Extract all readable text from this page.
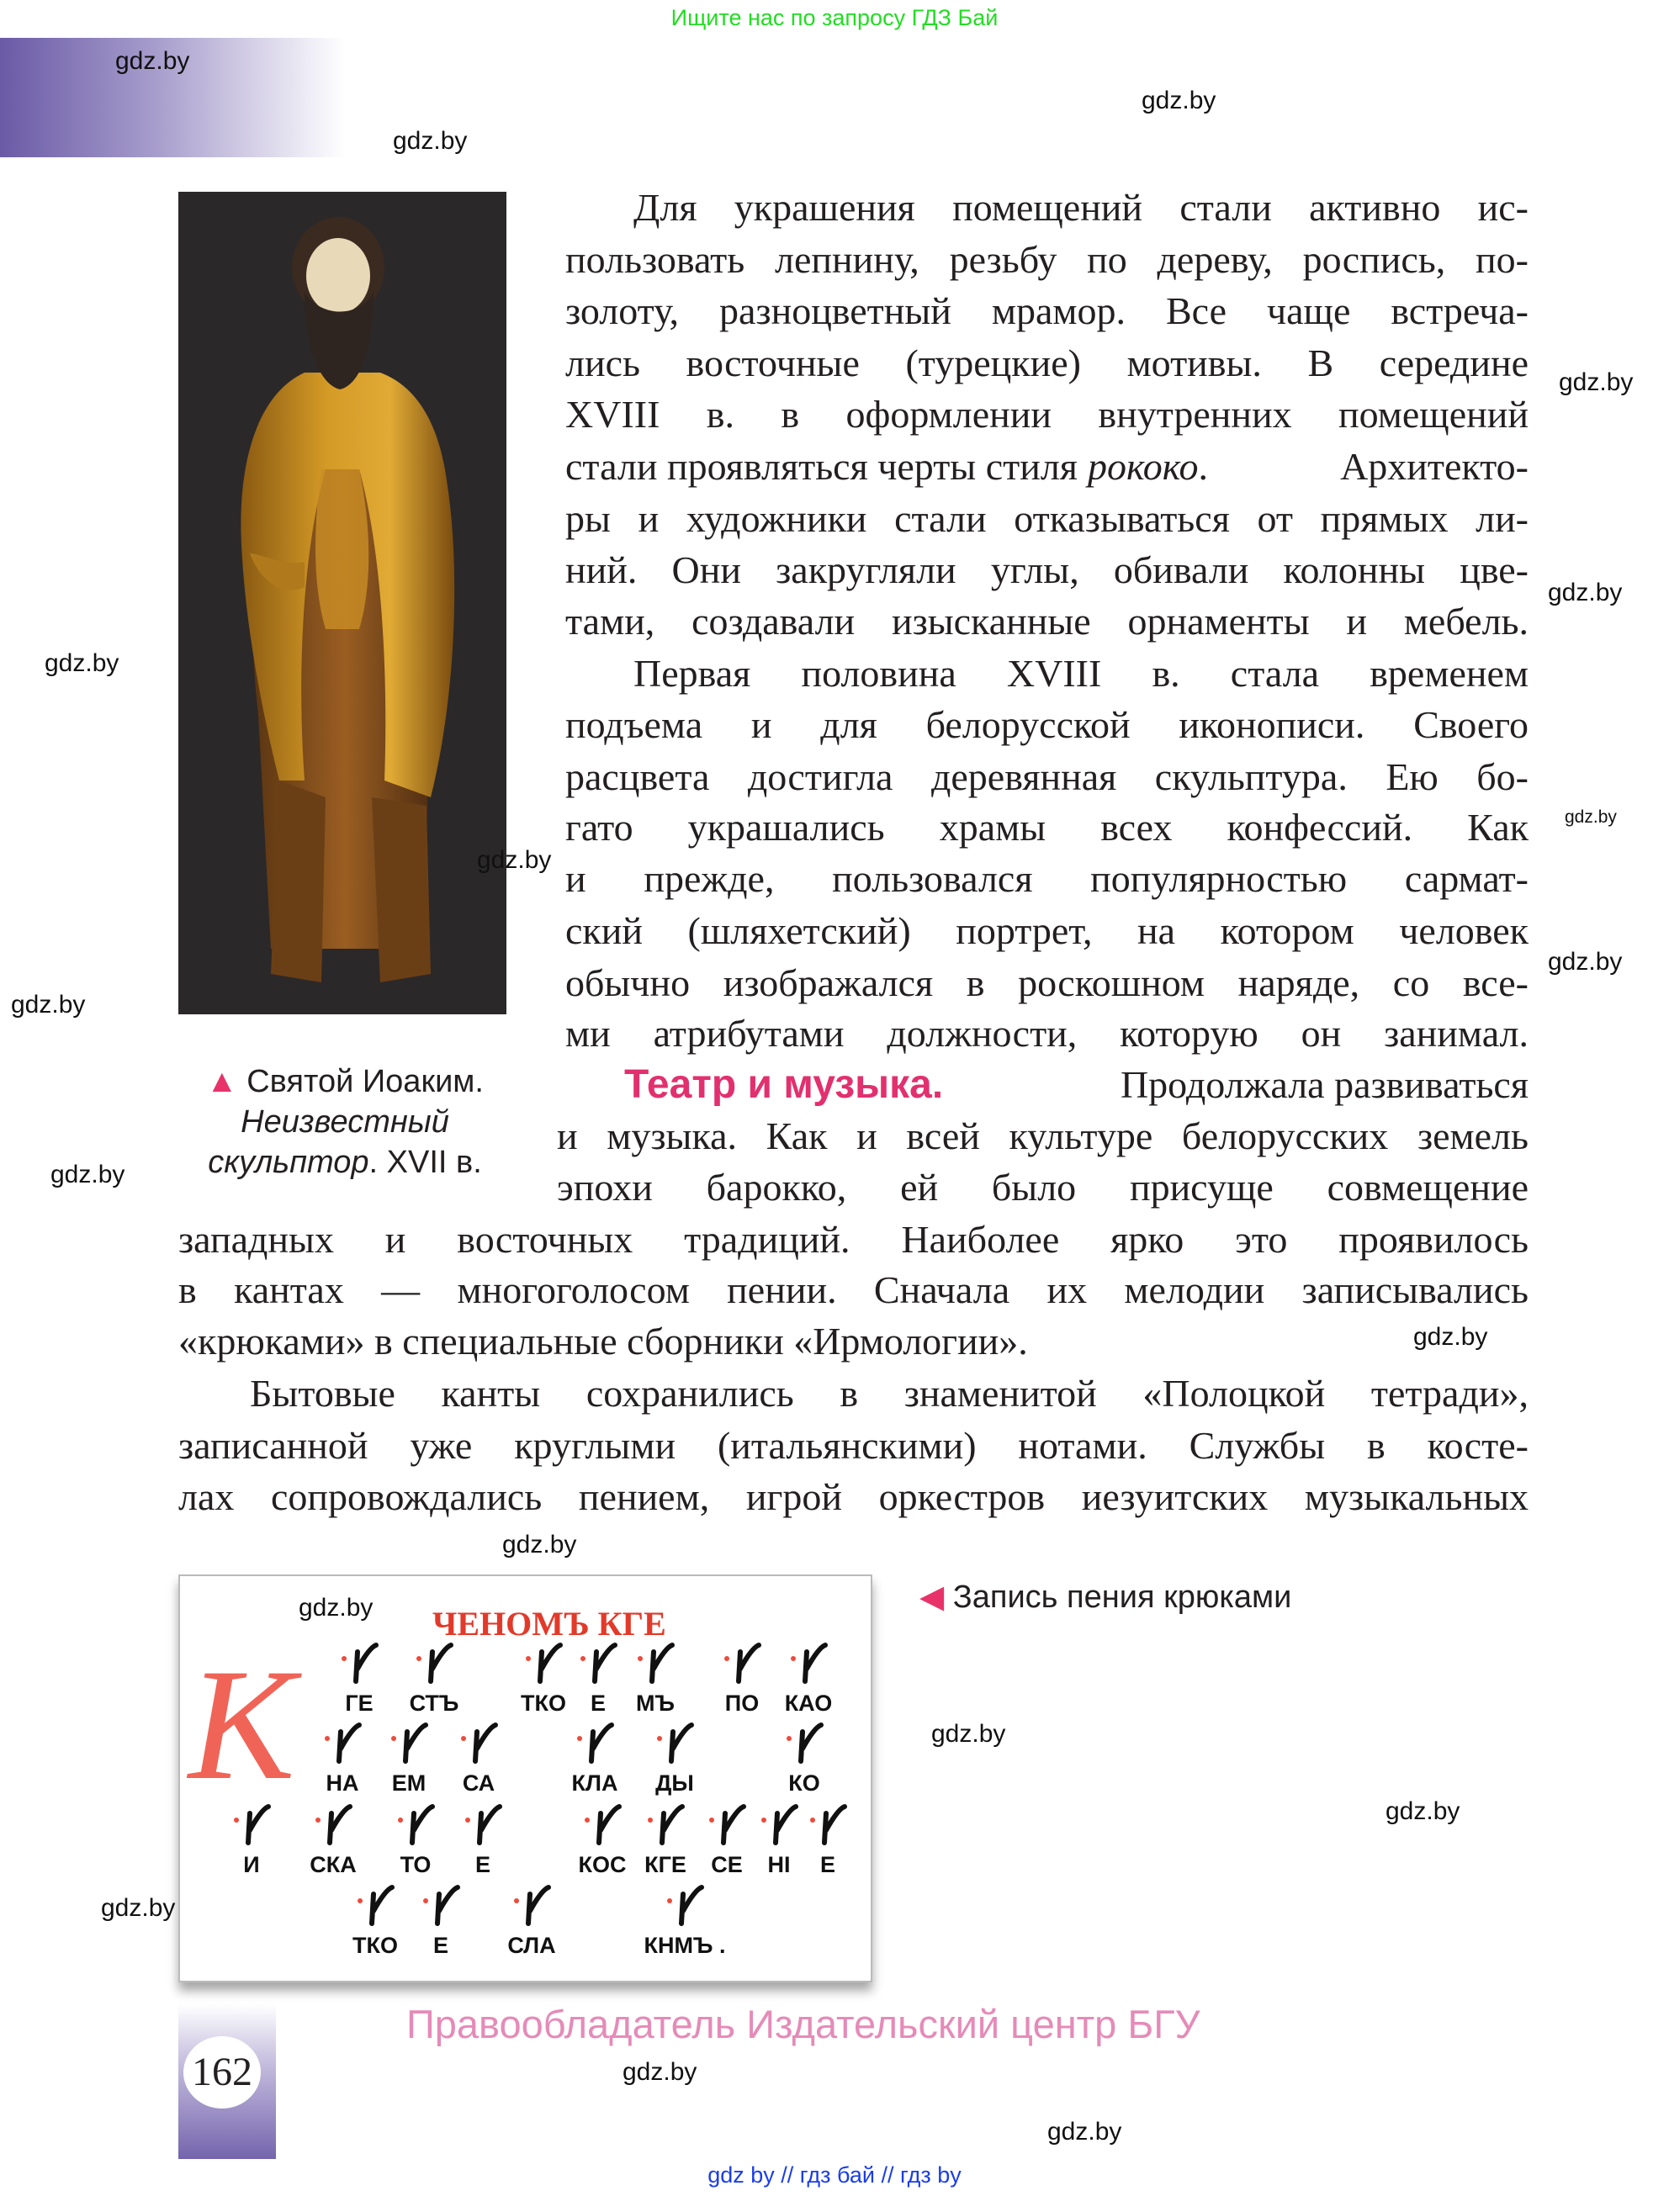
Ищите нас по запросу ГДЗ Бай
Для украшения помещений стали активно ис-
пользовать лепнину, резьбу по дереву, роспись, по-
золоту, разноцветный мрамор. Все чаще встреча-
лись восточные (турецкие) мотивы. В середине
XVIII в. в оформлении внутренних помещений
стали проявляться черты стиля рококо. Архитекто-
ры и художники стали отказываться от прямых ли-
ний. Они закругляли углы, обивали колонны цве-
тами, создавали изысканные орнаменты и мебель.
Первая половина XVIII в. стала временем
подъема и для белорусской иконописи. Своего
расцвета достигла деревянная скульптура. Ею бо-
гато украшались храмы всех конфессий. Как
и прежде, пользовался популярностью сармат-
ский (шляхетский) портрет, на котором человек
обычно изображался в роскошном наряде, со все-
ми атрибутами должности, которую он занимал.
Театр и музыка.	Продолжала развиваться
и музыка. Как и всей культуре белорусских земель
эпохи барокко, ей было присуще совмещение
западных и восточных традиций. Наиболее ярко это проявилось
в кантах — многоголосом пении. Сначала их мелодии записывались
«крюками» в специальные сборники «Ирмологии».
Бытовые канты сохранились в знаменитой «Полоцкой тетради»,
записанной уже круглыми (итальянскими) нотами. Службы в косте-
лах сопровождались пением, игрой оркестров иезуитских музыкальных
▲ Святой Иоаким.
Неизвестный скульптор. XVII в.
ЧЕНОМЪ КГЕ
К	ГЕ СТЪ	ТКО Е МЪ ПО КАО
НА ЕМ СА	КЛА ДЫ	КО
И СКА ТО Е	КОС КГЕ СЕ НІ Е
ТКО Е	СЛА	КНМЪ .
◀ Запись пения крюками
162
Правообладатель Издательский центр БГУ
gdz by // гдз бай // гдз by
gdz.by
gdz.by
gdz.by
gdz.by
gdz.by
gdz.by
gdz.by
gdz.by
gdz.by
gdz.by
gdz.by
gdz.by
gdz.by
gdz.by
gdz.by
gdz.by
gdz.by
gdz.by
gdz.by
